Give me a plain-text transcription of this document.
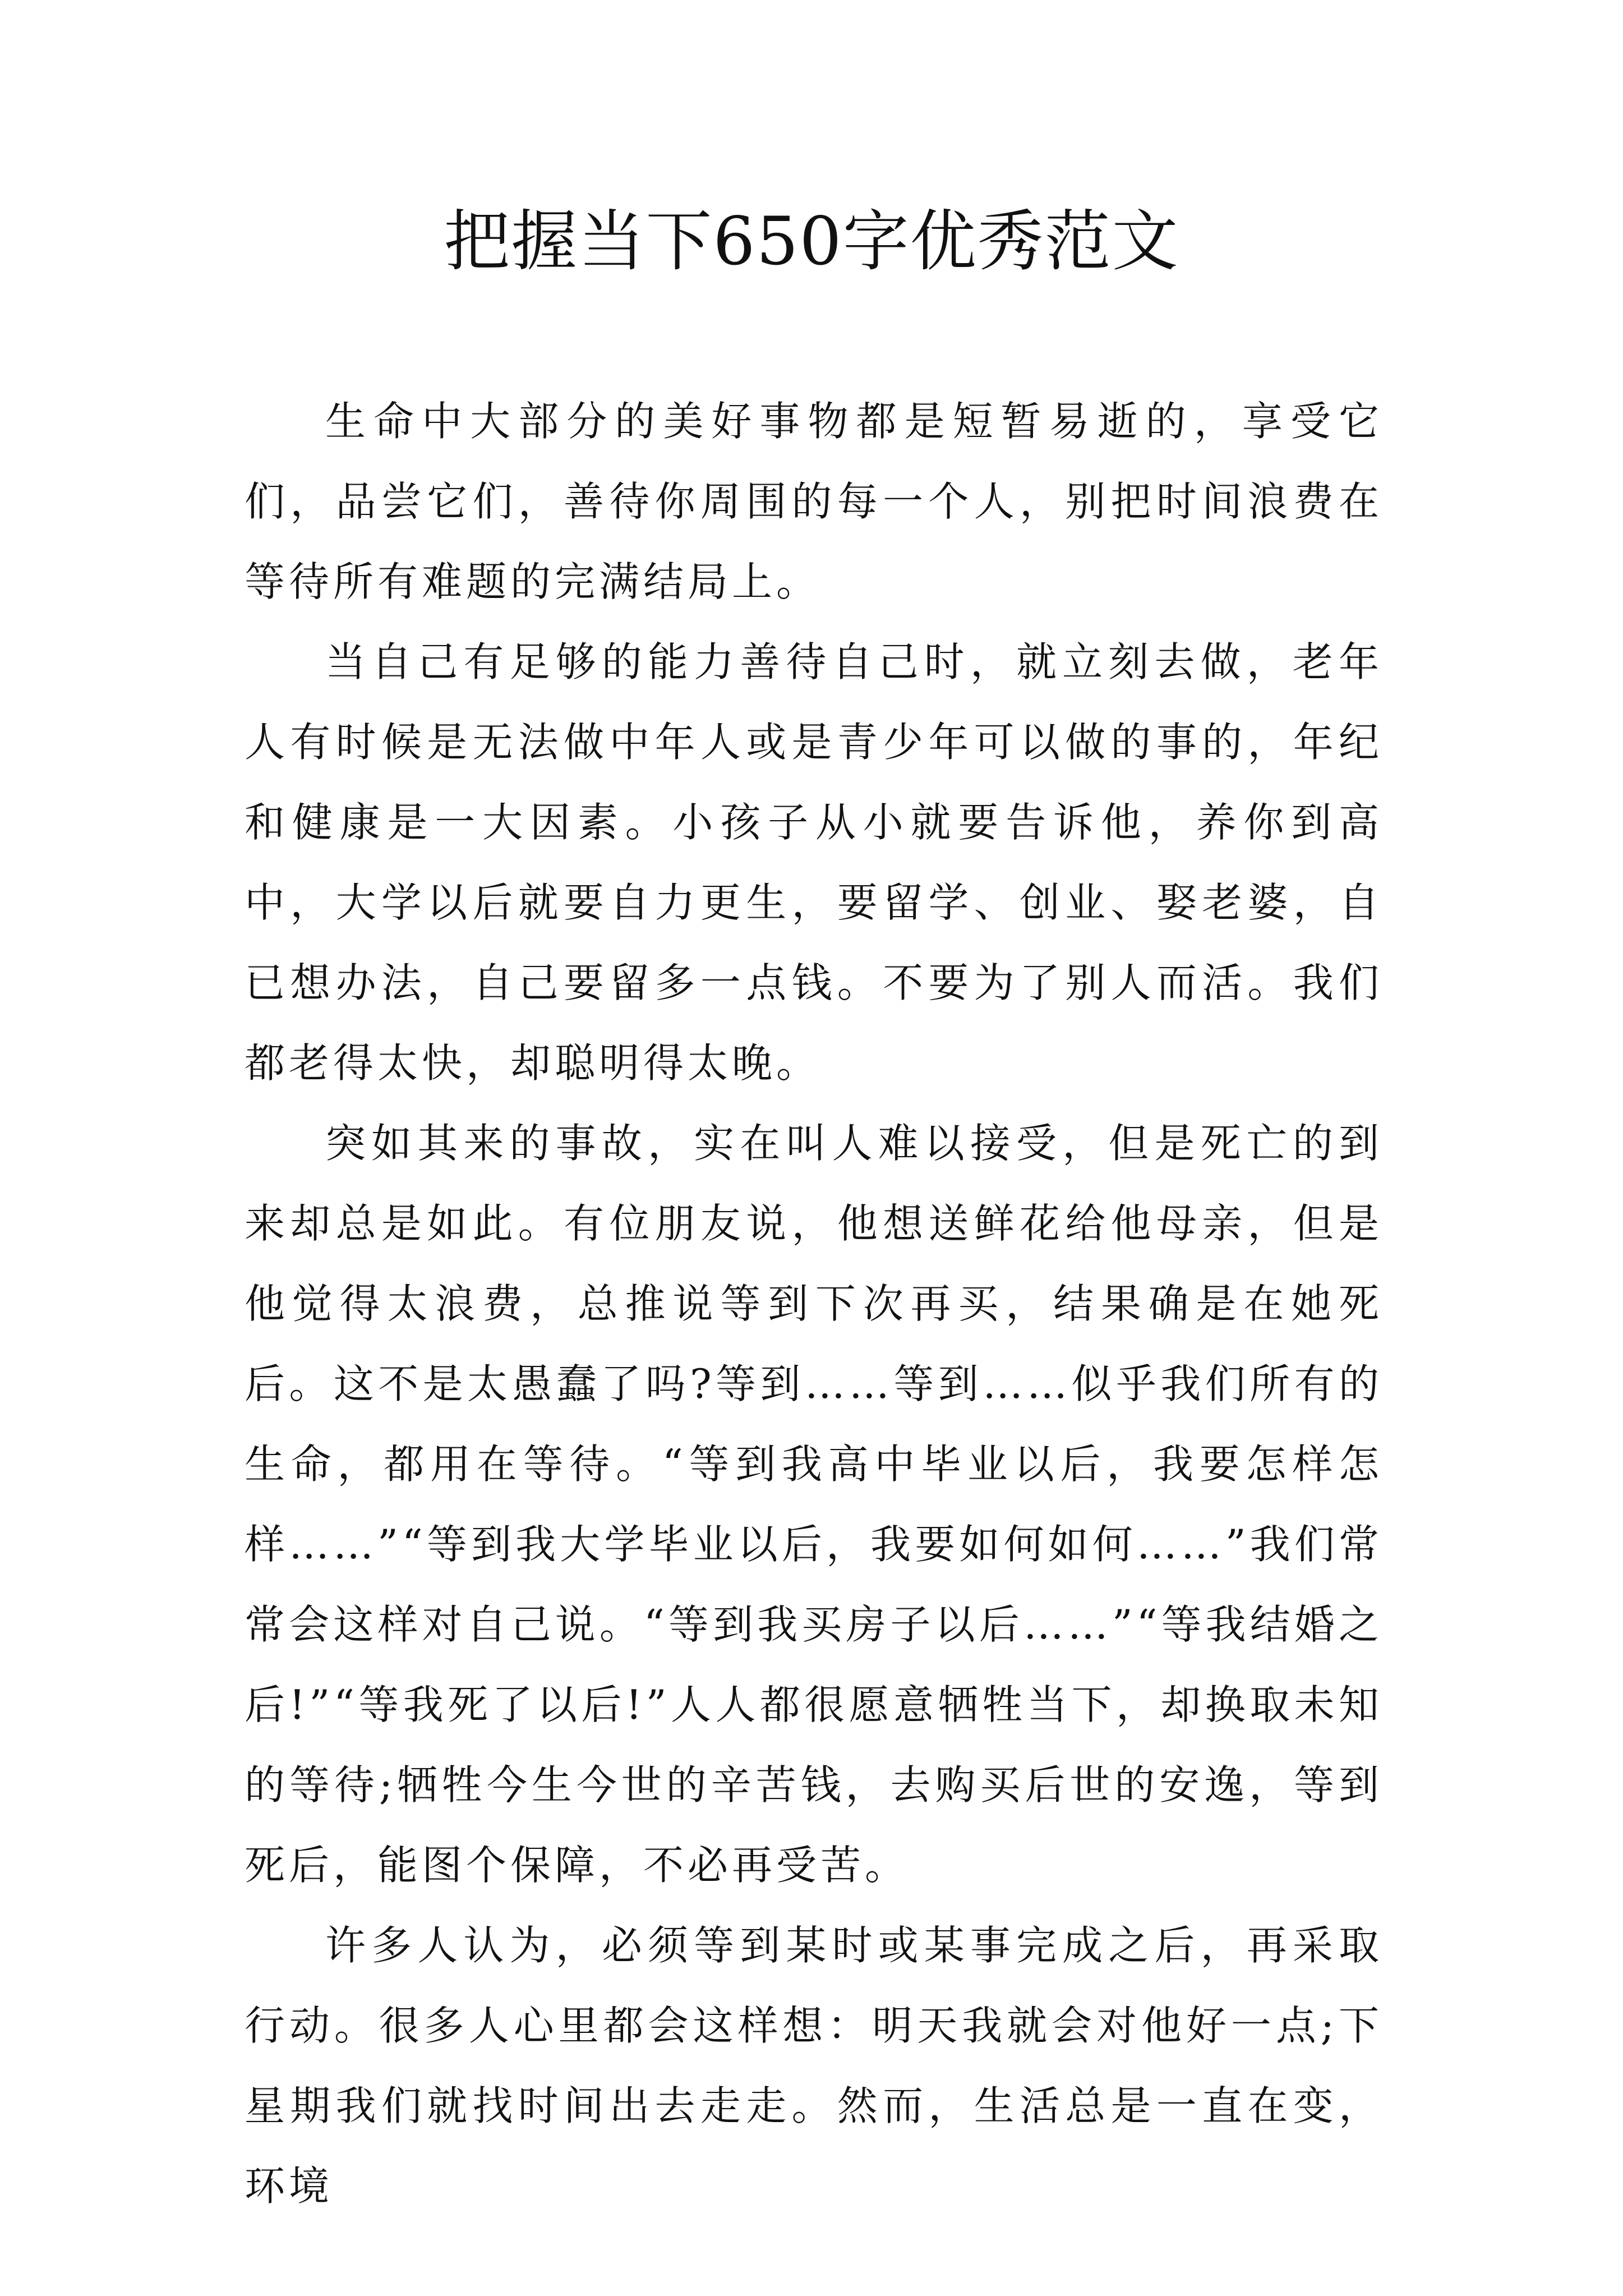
把握当下650字优秀范文

生命中大部分的美好事物都是短暂易逝的，享受它们，品尝它们，善待你周围的每一个人，别把时间浪费在等待所有难题的完满结局上。

当自己有足够的能力善待自己时，就立刻去做，老年人有时候是无法做中年人或是青少年可以做的事的，年纪和健康是一大因素。小孩子从小就要告诉他，养你到高中，大学以后就要自力更生，要留学、创业、娶老婆，自已想办法，自己要留多一点钱。不要为了别人而活。我们都老得太快，却聪明得太晚。

突如其来的事故，实在叫人难以接受，但是死亡的到来却总是如此。有位朋友说，他想送鲜花给他母亲，但是他觉得太浪费，总推说等到下次再买，结果确是在她死后。这不是太愚蠢了吗?等到……等到……似乎我们所有的生命，都用在等待。“等到我高中毕业以后，我要怎样怎样……”“等到我大学毕业以后，我要如何如何……”我们常常会这样对自己说。“等到我买房子以后……”“等我结婚之后!”“等我死了以后!”人人都很愿意牺牲当下，却换取未知的等待;牺牲今生今世的辛苦钱，去购买后世的安逸，等到死后，能图个保障，不必再受苦。

许多人认为，必须等到某时或某事完成之后，再采取行动。很多人心里都会这样想：明天我就会对他好一点;下星期我们就找时间出去走走。然而，生活总是一直在变，环境
